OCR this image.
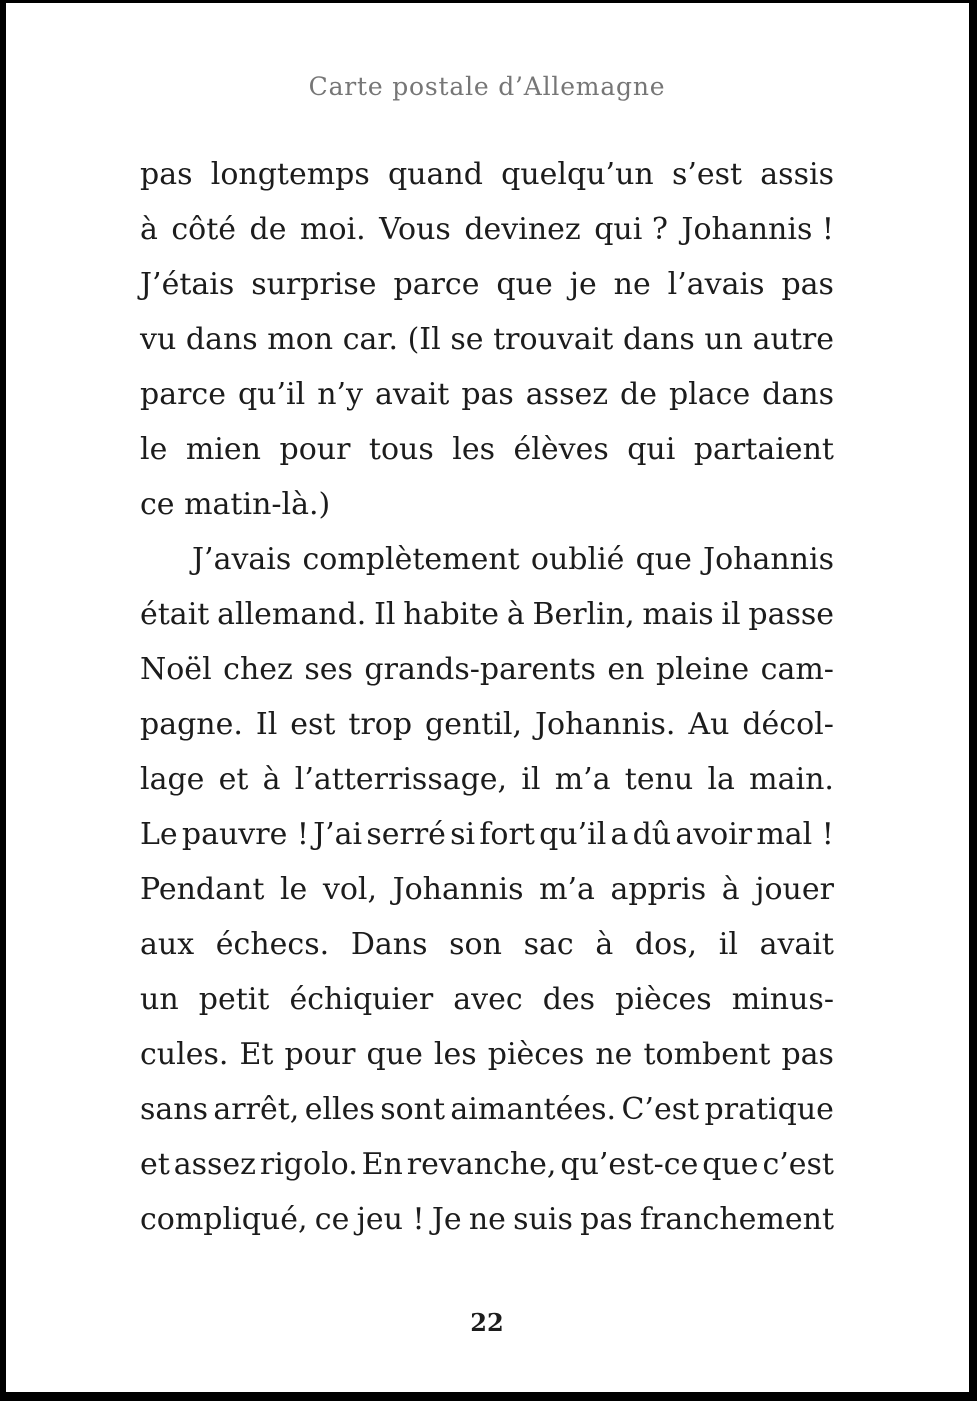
Carte postale d’Allemagne
pas longtemps quand quelqu’un s’est assis
à côté de moi. Vous devinez qui ? Johannis !
J’étais surprise parce que je ne l’avais pas
vu dans mon car. (Il se trouvait dans un autre
parce qu’il n’y avait pas assez de place dans
le mien pour tous les élèves qui partaient
ce matin-là.)
J’avais complètement oublié que Johannis
était allemand. Il habite à Berlin, mais il passe
Noël chez ses grands-parents en pleine cam-
pagne. Il est trop gentil, Johannis. Au décol-
lage et à l’atterrissage, il m’a tenu la main.
Le pauvre ! J’ai serré si fort qu’il a dû avoir mal !
Pendant le vol, Johannis m’a appris à jouer
aux échecs. Dans son sac à dos, il avait
un petit échiquier avec des pièces minus-
cules. Et pour que les pièces ne tombent pas
sans arrêt, elles sont aimantées. C’est pratique
et assez rigolo. En revanche, qu’est-ce que c’est
compliqué, ce jeu ! Je ne suis pas franchement
22
